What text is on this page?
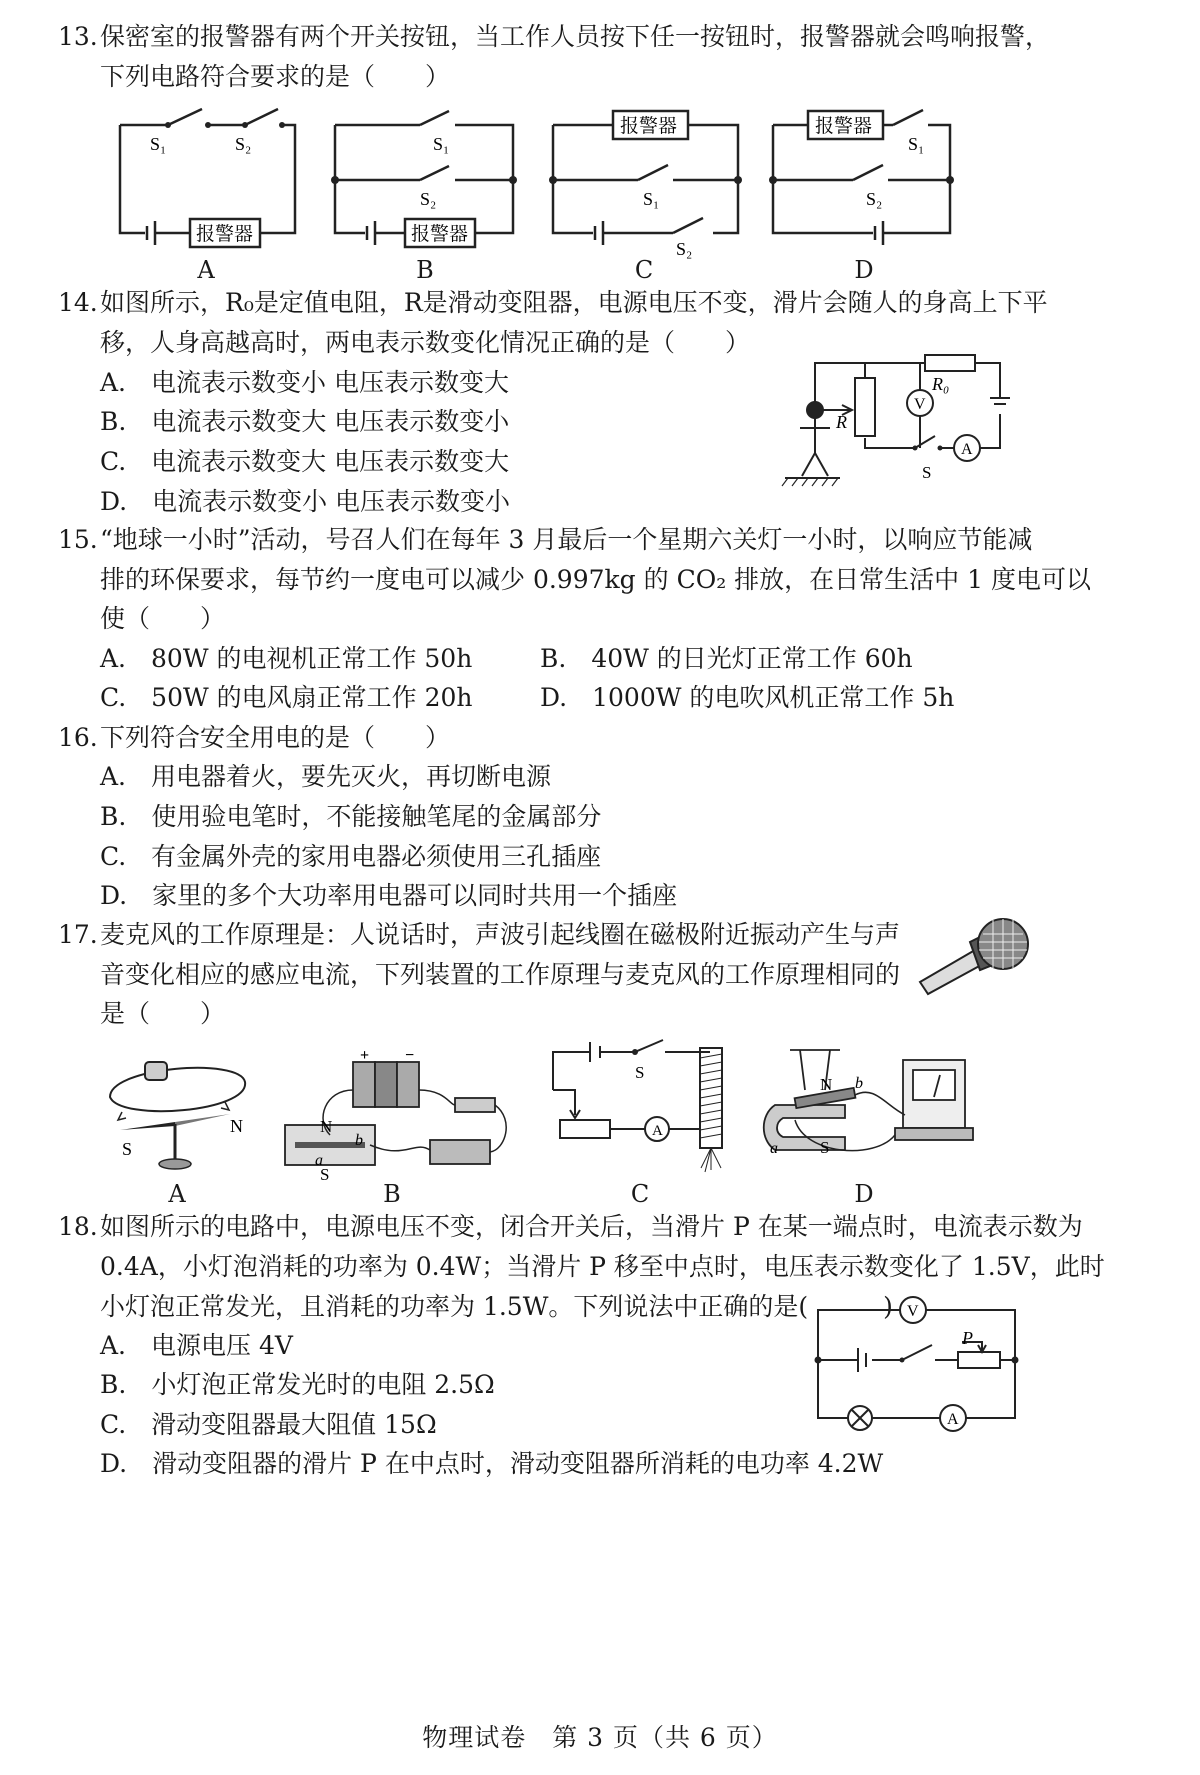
13. 保密室的报警器有两个开关按钮，当工作人员按下任一按钮时，报警器就会鸣响报警，
下列电路符合要求的是（　　）
S₁	S₂
报警器
A
S₁
S₂
报警器
B
报警器
S₁
S₂
C
报警器
S₁
S₂
D
14. 如图所示，R₀是定值电阻，R是滑动变阻器，电源电压不变，滑片会随人的身高上下平
移，人身高越高时，两电表示数变化情况正确的是（　　）
A.　电流表示数变小 电压表示数变大
B.　电流表示数变大 电压表示数变小
C.　电流表示数变大 电压表示数变大
D.　电流表示数变小 电压表示数变小
R₀
R
V
A
S
15. “地球一小时”活动，号召人们在每年 3 月最后一个星期六关灯一小时，以响应节能减
排的环保要求，每节约一度电可以减少 0.997kg 的 CO₂ 排放，在日常生活中 1 度电可以
使（　　）
A.　80W 的电视机正常工作 50h	B.　40W 的日光灯正常工作 60h
C.　50W 的电风扇正常工作 20h	D.　1000W 的电吹风机正常工作 5h
16. 下列符合安全用电的是（　　）
A.　用电器着火，要先灭火，再切断电源
B.　使用验电笔时，不能接触笔尾的金属部分
C.　有金属外壳的家用电器必须使用三孔插座
D.　家里的多个大功率用电器可以同时共用一个插座
17. 麦克风的工作原理是：人说话时，声波引起线圈在磁极附近振动产生与声
音变化相应的感应电流，下列装置的工作原理与麦克风的工作原理相同的
是（　　）
S
N
A
+ −
N
b
a
S
B
S
A
C
N b
a S
D
18. 如图所示的电路中，电源电压不变，闭合开关后，当滑片 P 在某一端点时，电流表示数为
0.4A，小灯泡消耗的功率为 0.4W；当滑片 P 移至中点时，电压表示数变化了 1.5V，此时
小灯泡正常发光，且消耗的功率为 1.5W。下列说法中正确的是(　　　)
A.　电源电压 4V
B.　小灯泡正常发光时的电阻 2.5Ω
C.　滑动变阻器最大阻值 15Ω
D.　滑动变阻器的滑片 P 在中点时，滑动变阻器所消耗的电功率 4.2W
V
A
P
物理试卷　第 3 页（共 6 页）
